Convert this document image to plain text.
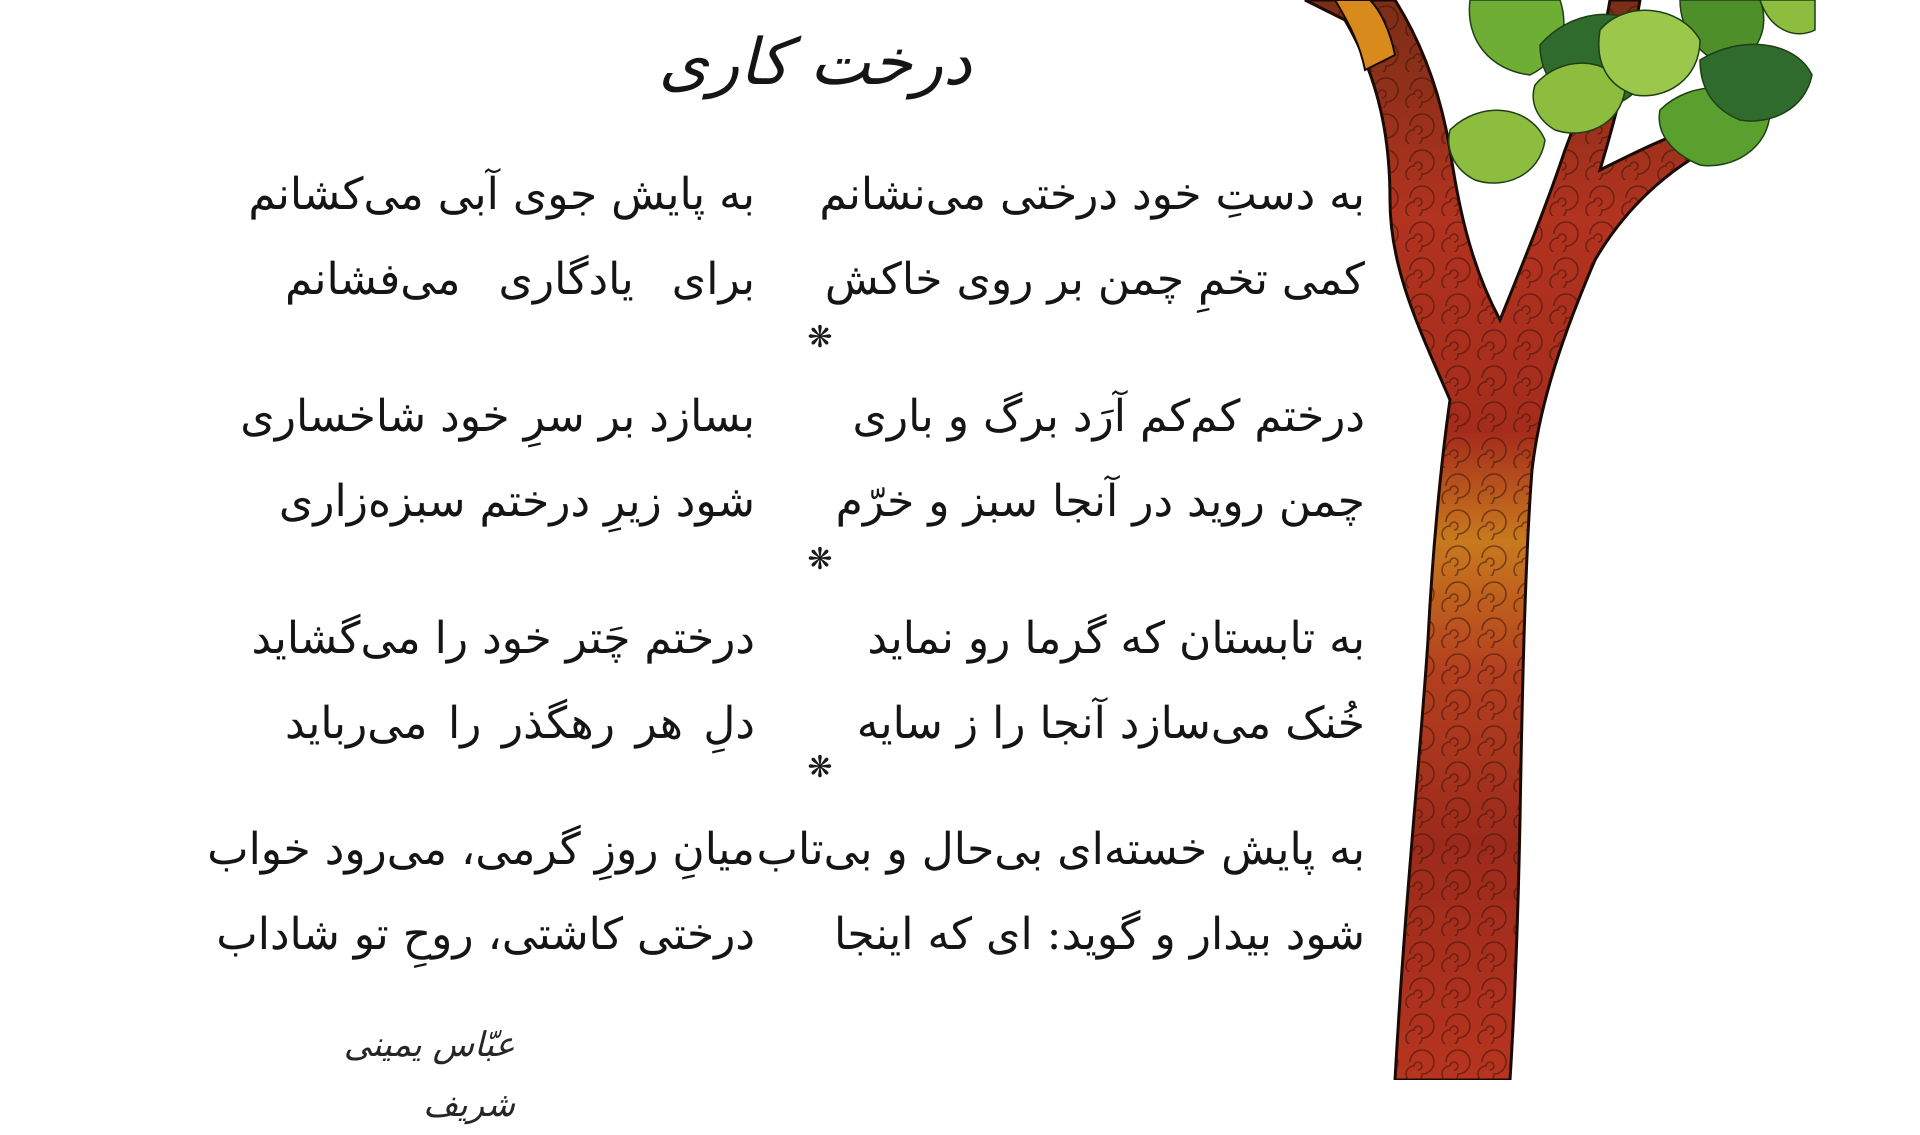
درخت کاری
به دستِ خود درختی می‌نشانم
کمی تخمِ چمن بر روی خاکش
به پایش جوی آبی می‌کشانم
برای یادگاری می‌فشانم
❋
درختم کم‌کم آرَد برگ و باری
چمن روید در آنجا سبز و خرّم
بسازد بر سرِ خود شاخساری
شود زیرِ درختم سبزه‌زاری
❋
به تابستان که گرما رو نماید
خُنک می‌سازد آنجا را ز سایه
درختم چَتر خود را می‌گشاید
دلِ هر رهگذر را می‌رباید
❋
به پایش خسته‌ای بی‌حال و بی‌تاب
شود بیدار و گوید: ای که اینجا
میانِ روزِ گرمی، می‌رود خواب
درختی کاشتی، روحِ تو شاداب
عبّاس یمینی شریف
